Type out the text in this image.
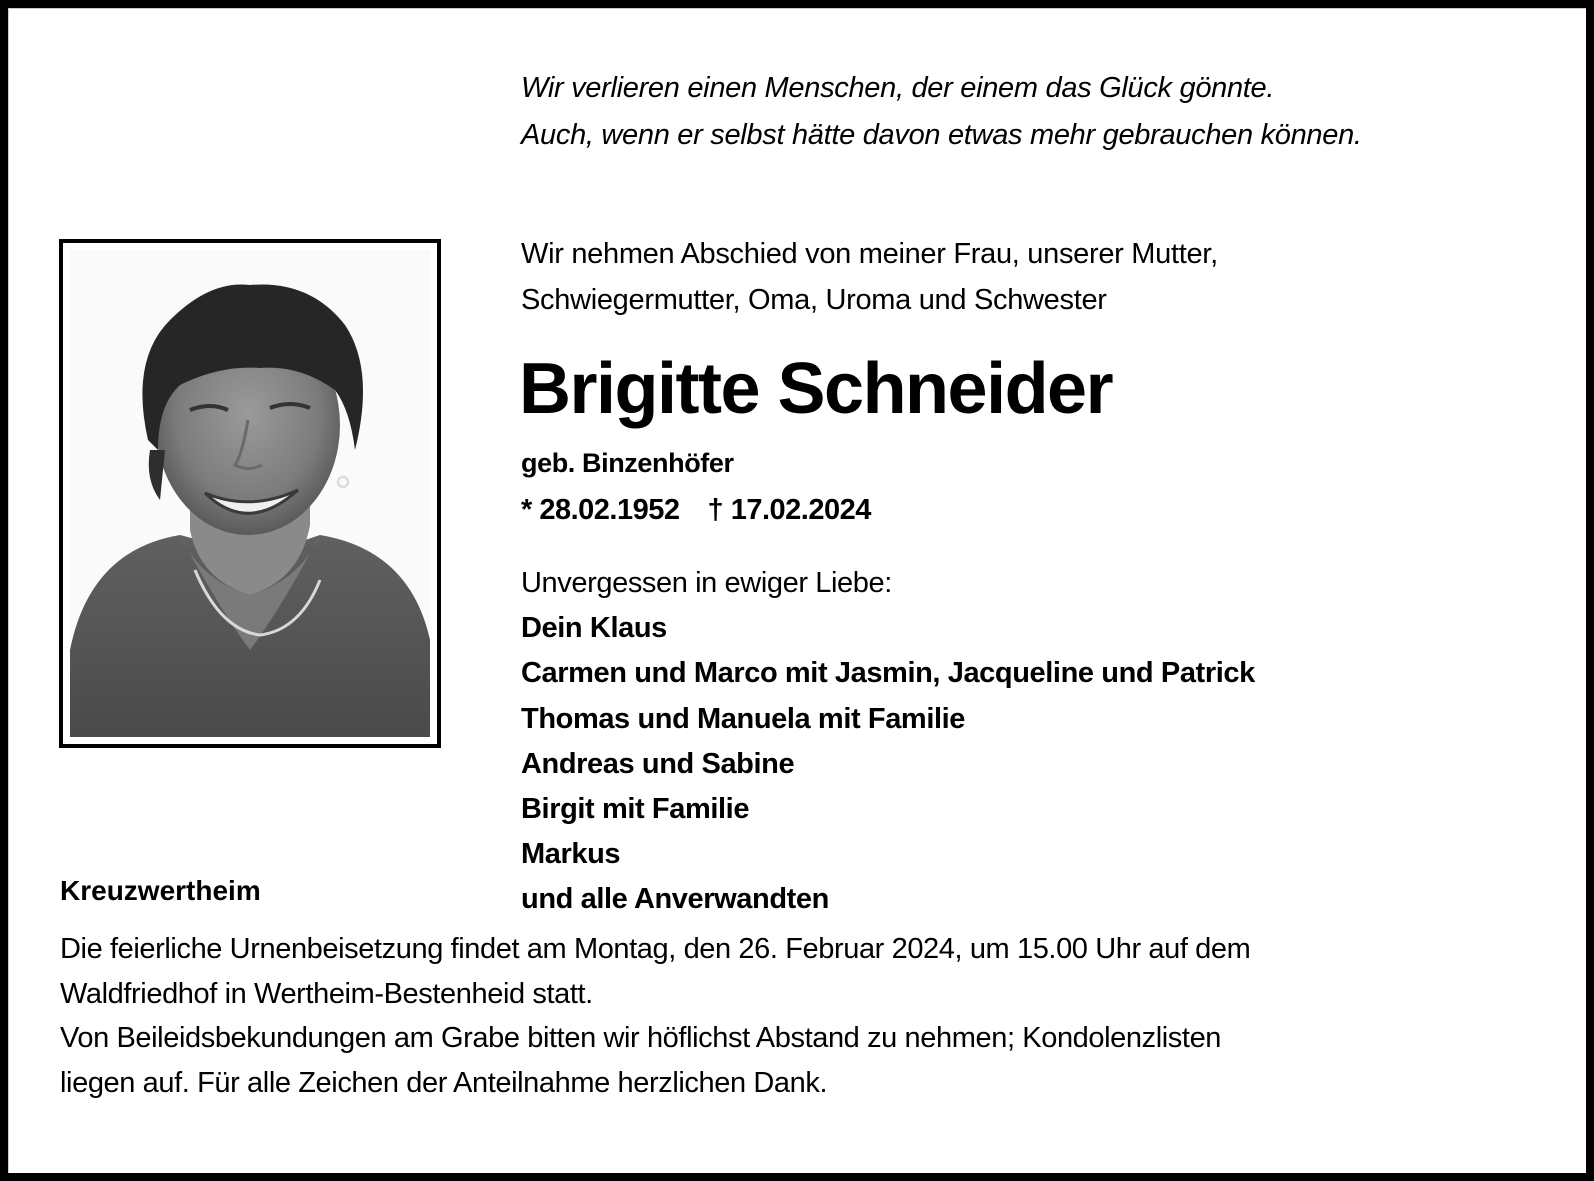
Wir verlieren einen Menschen, der einem das Glück gönnte.
Auch, wenn er selbst hätte davon etwas mehr gebrauchen können.
Wir nehmen Abschied von meiner Frau, unserer Mutter,
Schwiegermutter, Oma, Uroma und Schwester
Brigitte Schneider
geb. Binzenhöfer
* 28.02.1952 † 17.02.2024
Unvergessen in ewiger Liebe:
Dein Klaus
Carmen und Marco mit Jasmin, Jacqueline und Patrick
Thomas und Manuela mit Familie
Andreas und Sabine
Birgit mit Familie
Markus
und alle Anverwandten
Kreuzwertheim
Die feierliche Urnenbeisetzung findet am Montag, den 26. Februar 2024, um 15.00 Uhr auf dem
Waldfriedhof in Wertheim-Bestenheid statt.
Von Beileidsbekundungen am Grabe bitten wir höflichst Abstand zu nehmen; Kondolenzlisten
liegen auf. Für alle Zeichen der Anteilnahme herzlichen Dank.
